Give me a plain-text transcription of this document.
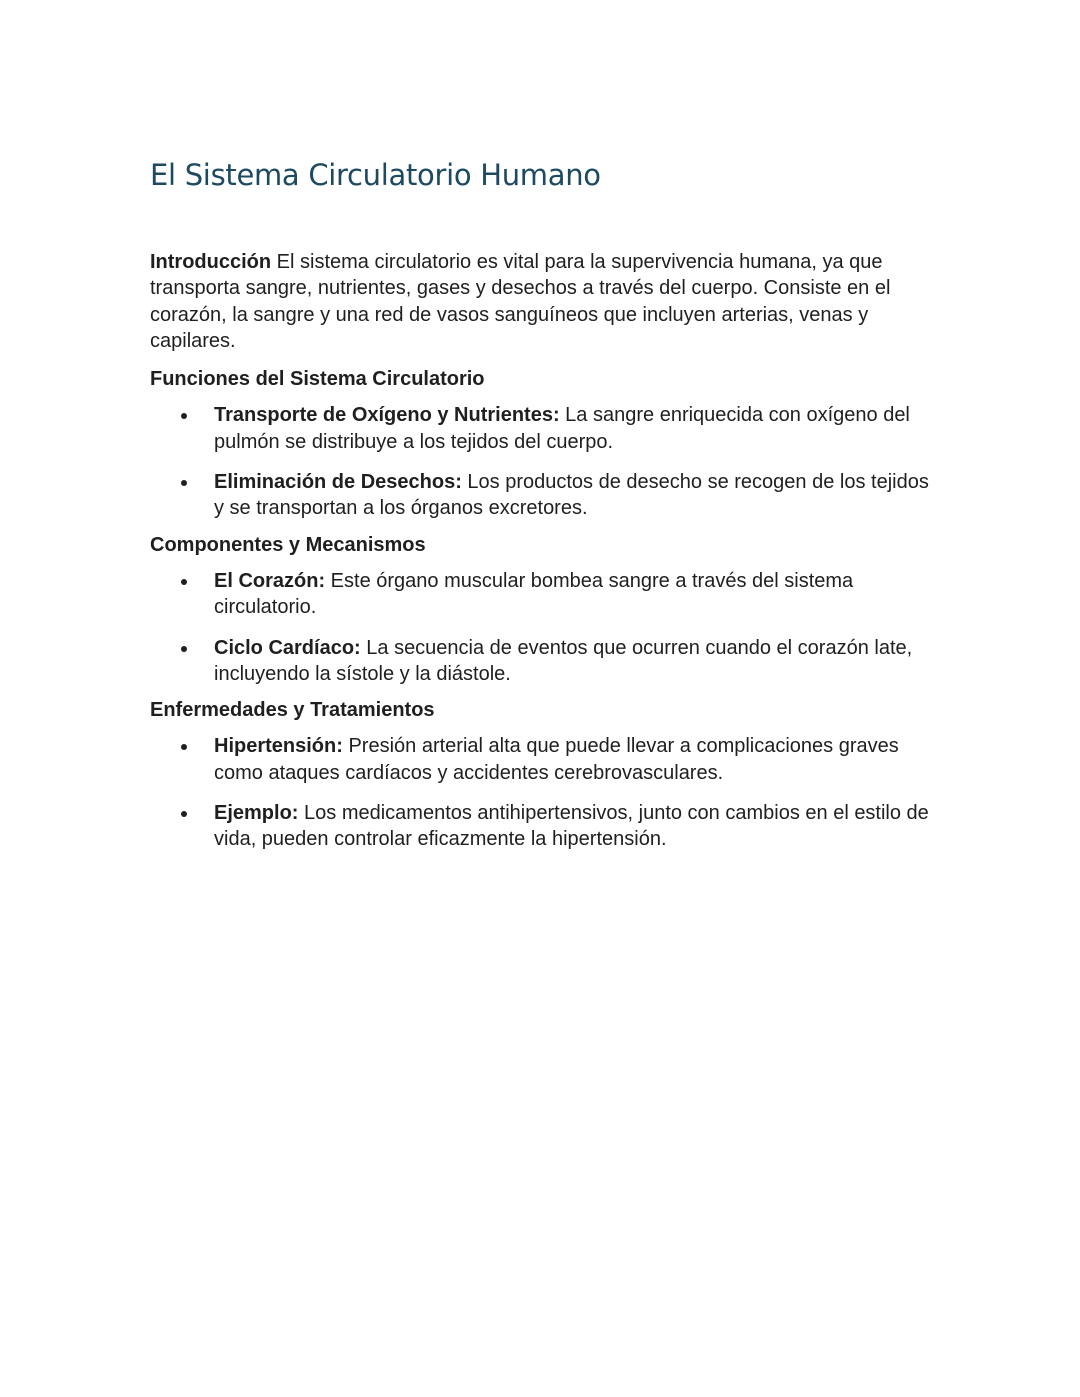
El Sistema Circulatorio Humano

Introducción El sistema circulatorio es vital para la supervivencia humana, ya que transporta sangre, nutrientes, gases y desechos a través del cuerpo. Consiste en el corazón, la sangre y una red de vasos sanguíneos que incluyen arterias, venas y capilares.

Funciones del Sistema Circulatorio

Transporte de Oxígeno y Nutrientes: La sangre enriquecida con oxígeno del pulmón se distribuye a los tejidos del cuerpo.
Eliminación de Desechos: Los productos de desecho se recogen de los tejidos y se transportan a los órganos excretores.

Componentes y Mecanismos

El Corazón: Este órgano muscular bombea sangre a través del sistema circulatorio.
Ciclo Cardíaco: La secuencia de eventos que ocurren cuando el corazón late, incluyendo la sístole y la diástole.

Enfermedades y Tratamientos

Hipertensión: Presión arterial alta que puede llevar a complicaciones graves como ataques cardíacos y accidentes cerebrovasculares.
Ejemplo: Los medicamentos antihipertensivos, junto con cambios en el estilo de vida, pueden controlar eficazmente la hipertensión.
